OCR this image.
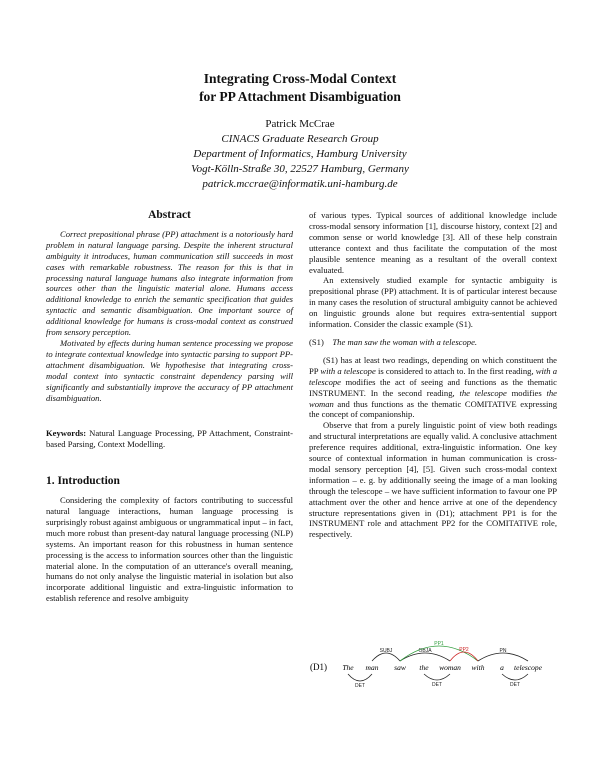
Integrating Cross-Modal Context
for PP Attachment Disambiguation
Patrick McCrae
CINACS Graduate Research Group
Department of Informatics, Hamburg University
Vogt-Kölln-Straße 30, 22527 Hamburg, Germany
patrick.mccrae@informatik.uni-hamburg.de
Abstract

Correct prepositional phrase (PP) attachment is a notoriously hard problem in natural language parsing. Despite the inherent structural ambiguity it introduces, human communication still succeeds in most cases with remarkable robustness. The reason for this is that in processing natural language humans also integrate information from sources other than the linguistic material alone. Humans access additional knowledge to enrich the semantic specification that guides syntactic and semantic disambiguation. One important source of additional knowledge for humans is cross-modal context as construed from sensory perception.

Motivated by effects during human sentence processing we propose to integrate contextual knowledge into syntactic parsing to support PP-attachment disambiguation. We hypothesise that integrating cross-modal context into syntactic constraint dependency parsing will significantly and substantially improve the accuracy of PP attachment disambiguation.

Keywords: Natural Language Processing, PP Attachment, Constraint-based Parsing, Context Modelling.

1. Introduction

Considering the complexity of factors contributing to successful natural language interactions, human language processing is surprisingly robust against ambiguous or ungrammatical input – in fact, much more robust than present-day natural language processing (NLP) systems. An important reason for this robustness in human sentence processing is the access to information sources other than the linguistic material alone. In the computation of an utterance's overall meaning, humans do not only analyse the linguistic material in isolation but also incorporate additional linguistic and extra-linguistic information to establish reference and resolve ambiguity

of various types. Typical sources of additional knowledge include cross-modal sensory information [1], discourse history, context [2] and common sense or world knowledge [3]. All of these help constrain utterance context and thus facilitate the computation of the most plausible sentence meaning as a resultant of the overall context evaluated.

An extensively studied example for syntactic ambiguity is prepositional phrase (PP) attachment. It is of particular interest because in many cases the resolution of structural ambiguity cannot be achieved on linguistic grounds alone but requires extra-sentential support information. Consider the classic example (S1).

(S1) The man saw the woman with a telescope.

(S1) has at least two readings, depending on which constituent the PP with a telescope is considered to attach to. In the first reading, with a telescope modifies the act of seeing and functions as the thematic INSTRUMENT. In the second reading, the telescope modifies the woman and thus functions as the thematic COMITATIVE expressing the concept of companionship.

Observe that from a purely linguistic point of view both readings and structural interpretations are equally valid. A conclusive attachment preference requires additional, extra-linguistic information. One key source of contextual information in human communication is cross-modal sensory perception [4], [5]. Given such cross-modal context information – e. g. by additionally seeing the image of a man looking through the telescope – we have sufficient information to favour one PP attachment over the other and hence arrive at one of the dependency structure representations given in (D1); attachment PP1 is for the INSTRUMENT role and attachment PP2 for the COMITATIVE role, respectively.

(D1)
DET
SUBJ	OBJA
DET
PP1
PP2	PN
DET
The man saw the woman with a telescope
